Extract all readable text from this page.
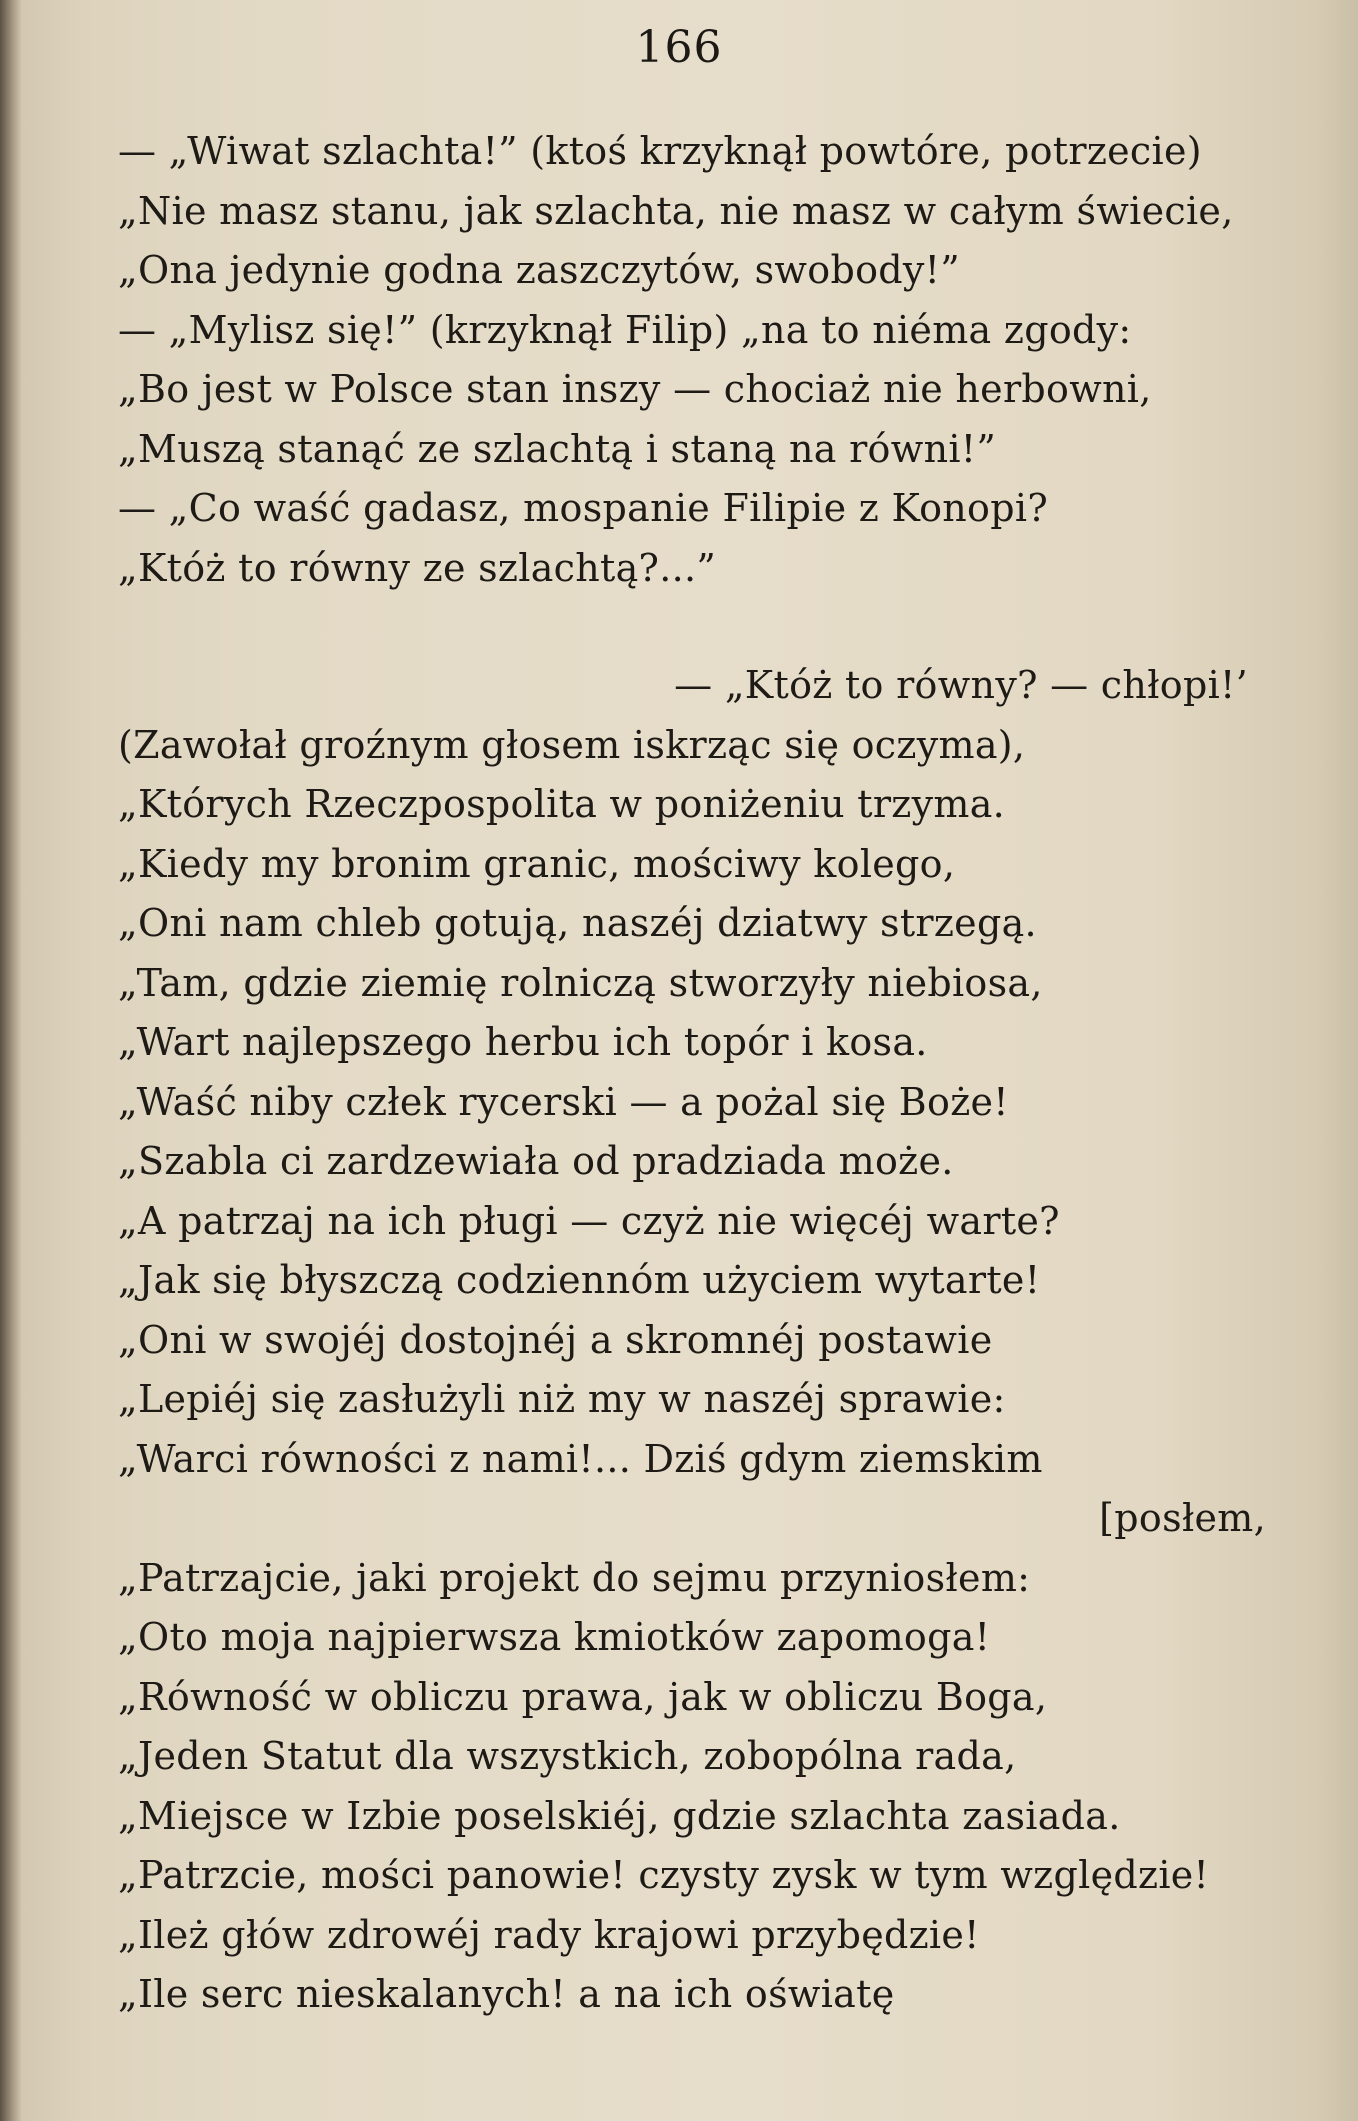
166
— „Wiwat szlachta!” (ktoś krzyknął powtóre, potrzecie)
„Nie masz stanu, jak szlachta, nie masz w całym świecie,
„Ona jedynie godna zaszczytów, swobody!”
— „Mylisz się!” (krzyknął Filip) „na to niéma zgody:
„Bo jest w Polsce stan inszy — chociaż nie herbowni,
„Muszą stanąć ze szlachtą i staną na równi!”
— „Co waść gadasz, mospanie Filipie z Konopi?
„Któż to równy ze szlachtą?...”
— „Któż to równy? — chłopi!’
(Zawołał groźnym głosem iskrząc się oczyma),
„Których Rzeczpospolita w poniżeniu trzyma.
„Kiedy my bronim granic, mościwy kolego,
„Oni nam chleb gotują, naszéj dziatwy strzegą.
„Tam, gdzie ziemię rolniczą stworzyły niebiosa,
„Wart najlepszego herbu ich topór i kosa.
„Waść niby człek rycerski — a pożal się Boże!
„Szabla ci zardzewiała od pradziada może.
„A patrzaj na ich pługi — czyż nie więcéj warte?
„Jak się błyszczą codziennóm użyciem wytarte!
„Oni w swojéj dostojnéj a skromnéj postawie
„Lepiéj się zasłużyli niż my w naszéj sprawie:
„Warci równości z nami!... Dziś gdym ziemskim
[posłem,
„Patrzajcie, jaki projekt do sejmu przyniosłem:
„Oto moja najpierwsza kmiotków zapomoga!
„Równość w obliczu prawa, jak w obliczu Boga,
„Jeden Statut dla wszystkich, zobopólna rada,
„Miejsce w Izbie poselskiéj, gdzie szlachta zasiada.
„Patrzcie, mości panowie! czysty zysk w tym względzie!
„Ileż głów zdrowéj rady krajowi przybędzie!
„Ile serc nieskalanych! a na ich oświatę
